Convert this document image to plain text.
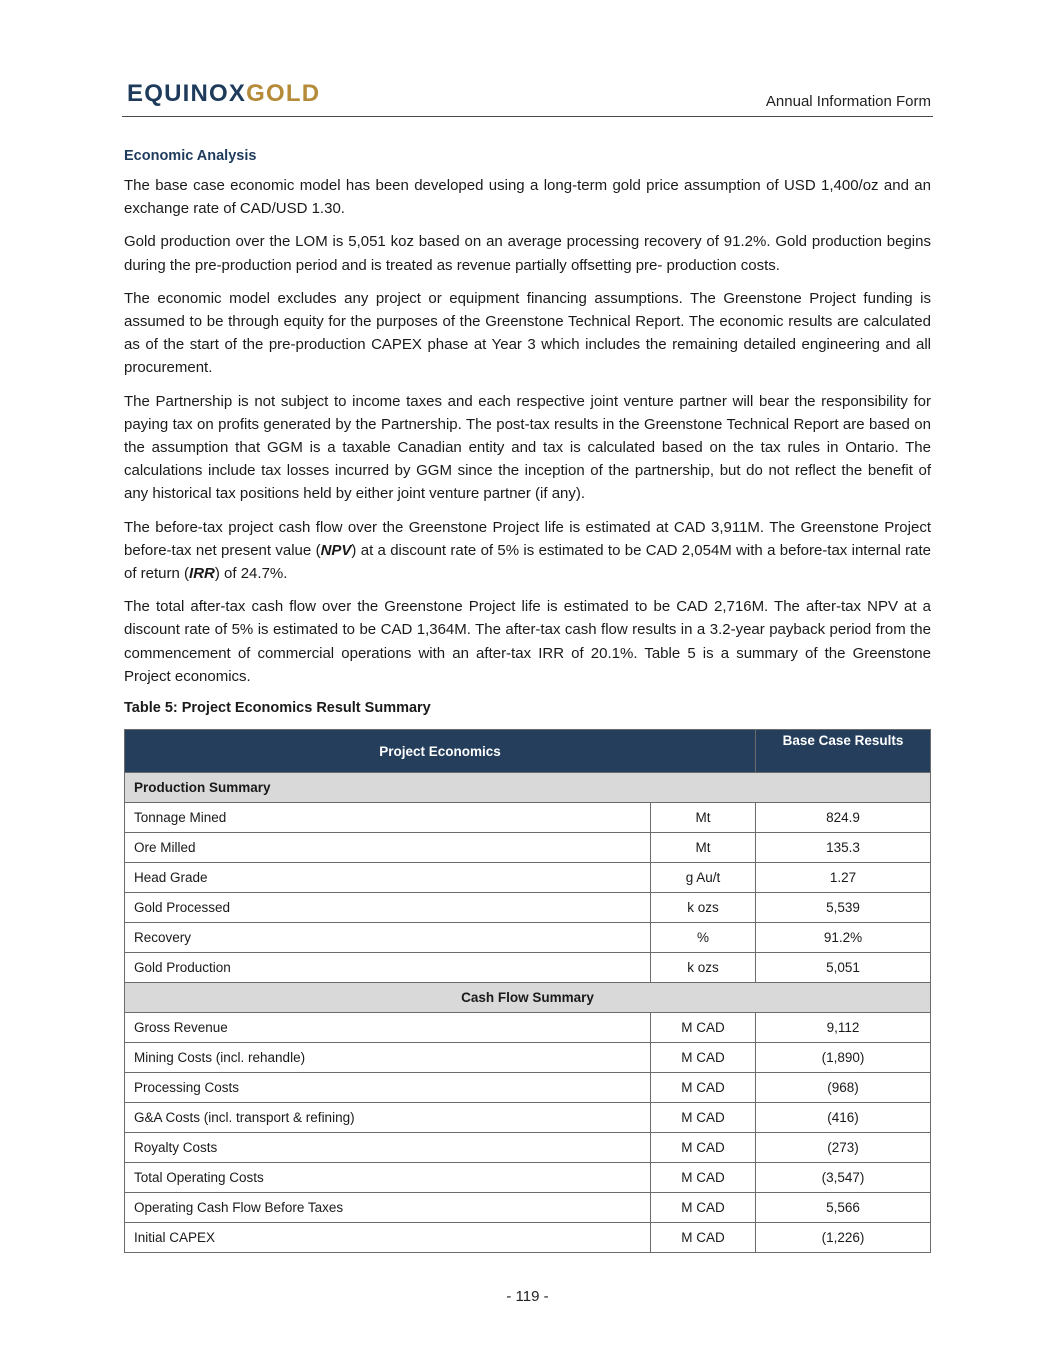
EQUINOXGOLD	Annual Information Form
Economic Analysis

The base case economic model has been developed using a long-term gold price assumption of USD 1,400/oz and an exchange rate of CAD/USD 1.30.

Gold production over the LOM is 5,051 koz based on an average processing recovery of 91.2%. Gold production begins during the pre-production period and is treated as revenue partially offsetting pre- production costs.

The economic model excludes any project or equipment financing assumptions. The Greenstone Project funding is assumed to be through equity for the purposes of the Greenstone Technical Report. The economic results are calculated as of the start of the pre-production CAPEX phase at Year 3 which includes the remaining detailed engineering and all procurement.

The Partnership is not subject to income taxes and each respective joint venture partner will bear the responsibility for paying tax on profits generated by the Partnership. The post-tax results in the Greenstone Technical Report are based on the assumption that GGM is a taxable Canadian entity and tax is calculated based on the tax rules in Ontario. The calculations include tax losses incurred by GGM since the inception of the partnership, but do not reflect the benefit of any historical tax positions held by either joint venture partner (if any).

The before-tax project cash flow over the Greenstone Project life is estimated at CAD 3,911M. The Greenstone Project before-tax net present value (NPV) at a discount rate of 5% is estimated to be CAD 2,054M with a before-tax internal rate of return (IRR) of 24.7%.

The total after-tax cash flow over the Greenstone Project life is estimated to be CAD 2,716M. The after-tax NPV at a discount rate of 5% is estimated to be CAD 1,364M. The after-tax cash flow results in a 3.2-year payback period from the commencement of commercial operations with an after-tax IRR of 20.1%. Table 5 is a summary of the Greenstone Project economics.

Table 5: Project Economics Result Summary
Project Economics		Base Case Results
Production Summary		
Tonnage Mined	Mt	824.9
Ore Milled	Mt	135.3
Head Grade	g Au/t	1.27
Gold Processed	k ozs	5,539
Recovery	%	91.2%
Gold Production	k ozs	5,051
Cash Flow Summary		
Gross Revenue	M CAD	9,112
Mining Costs (incl. rehandle)	M CAD	(1,890)
Processing Costs	M CAD	(968)
G&A Costs (incl. transport & refining)	M CAD	(416)
Royalty Costs	M CAD	(273)
Total Operating Costs	M CAD	(3,547)
Operating Cash Flow Before Taxes	M CAD	5,566
Initial CAPEX	M CAD	(1,226)
- 119 -
